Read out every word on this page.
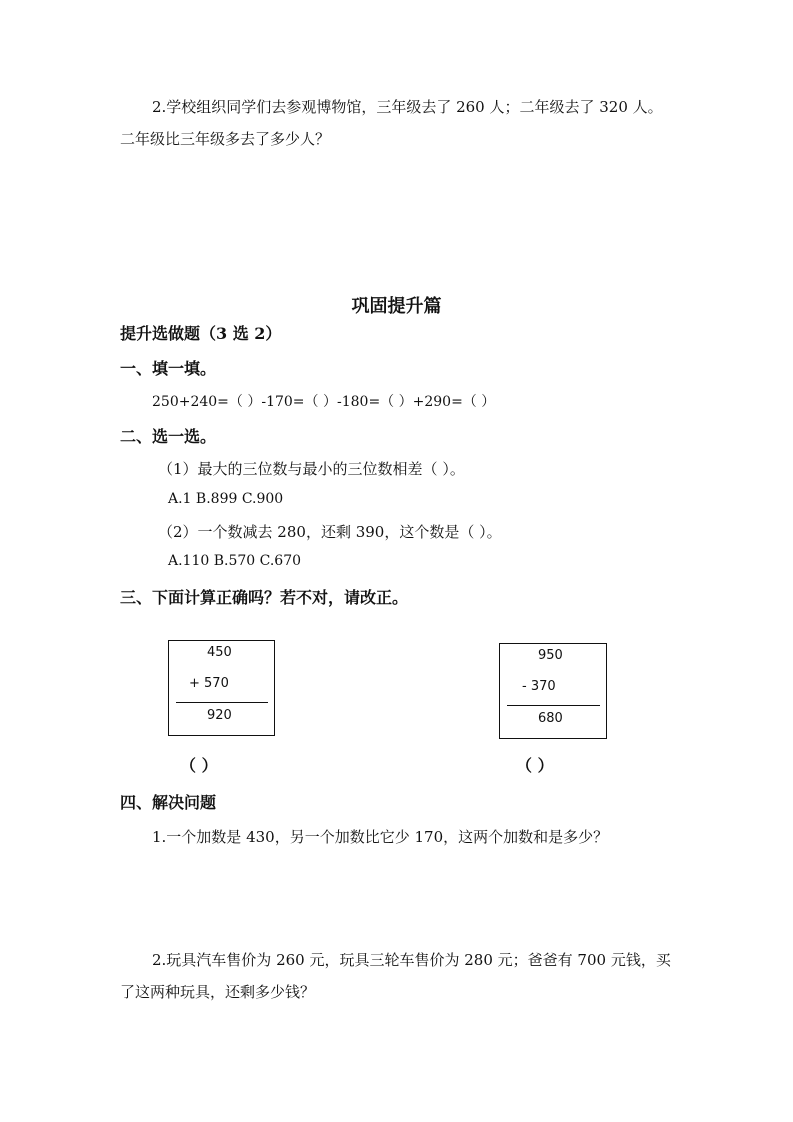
2.学校组织同学们去参观博物馆，三年级去了 260 人；二年级去了 320 人。
二年级比三年级多去了多少人？
巩固提升篇
提升选做题（3 选 2）
一、填一填。
250+240=（ ）-170=（ ）-180=（ ）+290=（ ）
二、选一选。
（1）最大的三位数与最小的三位数相差（ ）。
A.1 B.899 C.900
（2）一个数减去 280，还剩 390，这个数是（ ）。
A.110 B.570 C.670
三、下面计算正确吗？若不对，请改正。
450
+ 570
920
950
- 370
680
（ ）	（ ）
四、解决问题
1.一个加数是 430，另一个加数比它少 170，这两个加数和是多少？
2.玩具汽车售价为 260 元，玩具三轮车售价为 280 元；爸爸有 700 元钱，买
了这两种玩具，还剩多少钱？
